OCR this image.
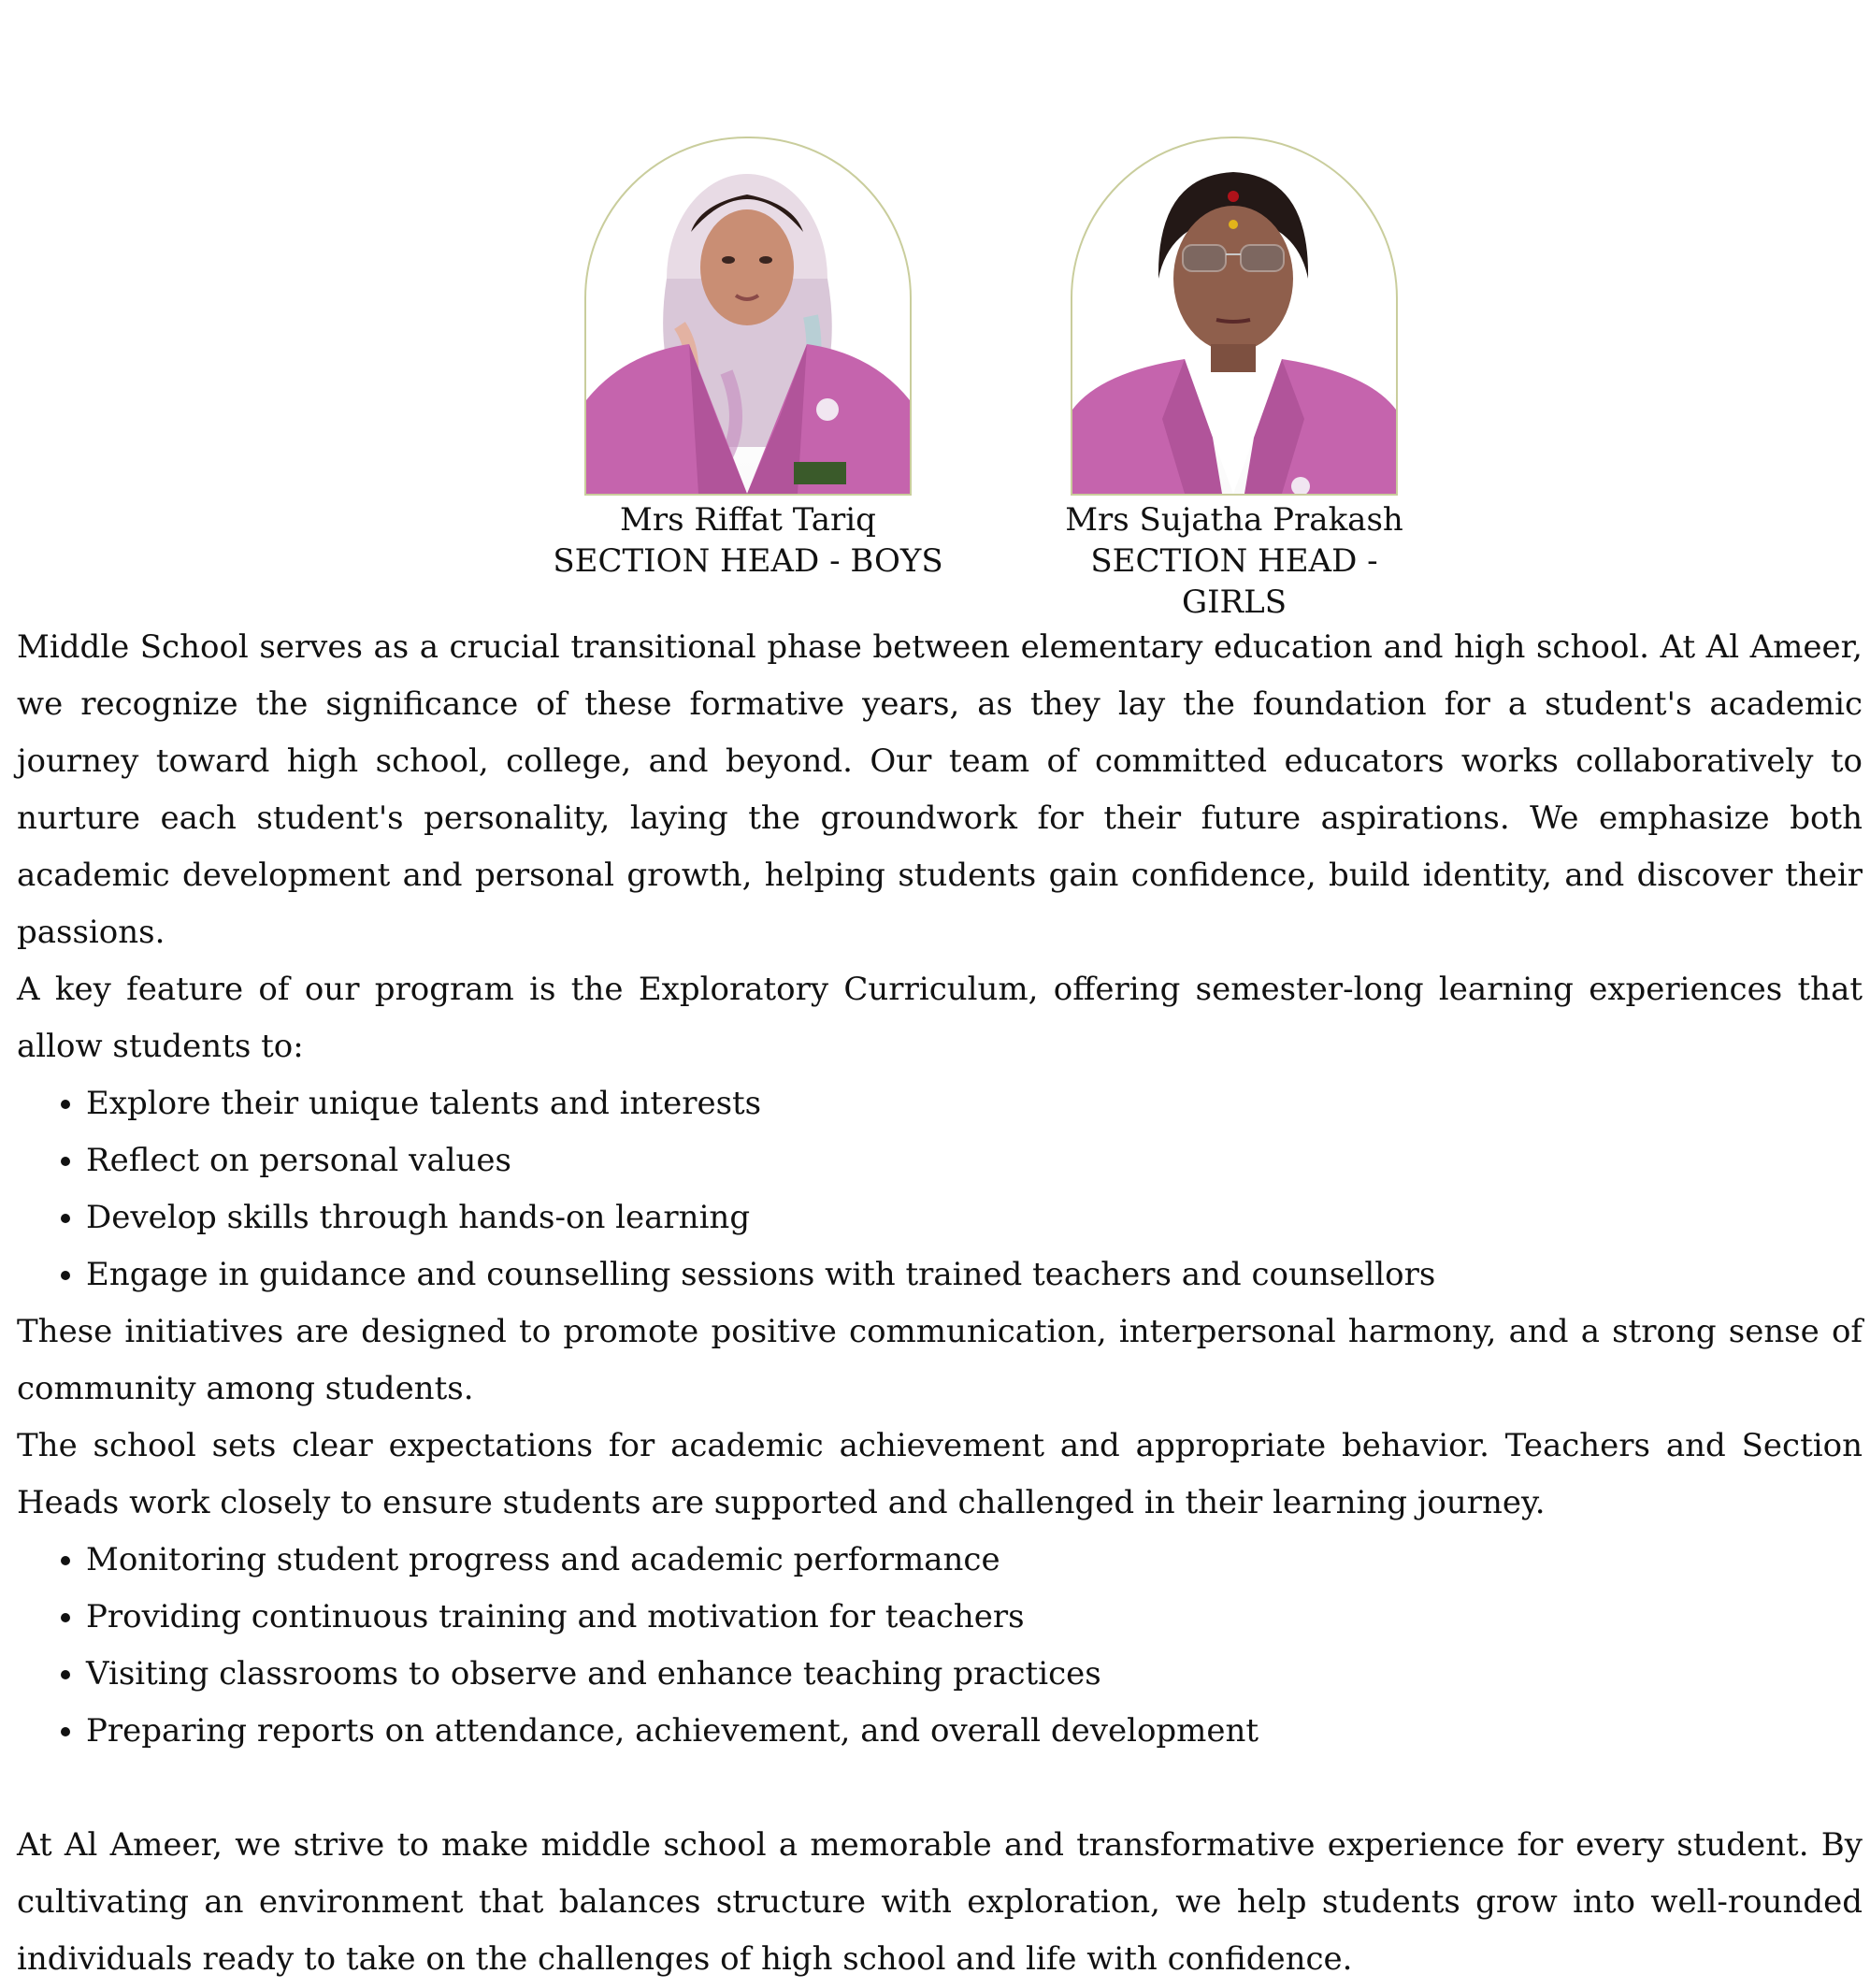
Mrs Riffat Tariq
SECTION HEAD - BOYS
Mrs Sujatha Prakash
SECTION HEAD - GIRLS

Middle School serves as a crucial transitional phase between elementary education and high school. At Al Ameer, we recognize the significance of these formative years, as they lay the foundation for a student's academic journey toward high school, college, and beyond. Our team of committed educators works collaboratively to nurture each student's personality, laying the groundwork for their future aspirations. We emphasize both academic development and personal growth, helping students gain confidence, build identity, and discover their passions.

A key feature of our program is the Exploratory Curriculum, offering semester-long learning experiences that allow students to:

• Explore their unique talents and interests
• Reflect on personal values
• Develop skills through hands-on learning
• Engage in guidance and counselling sessions with trained teachers and counsellors

These initiatives are designed to promote positive communication, interpersonal harmony, and a strong sense of community among students.

The school sets clear expectations for academic achievement and appropriate behavior. Teachers and Section Heads work closely to ensure students are supported and challenged in their learning journey.

• Monitoring student progress and academic performance
• Providing continuous training and motivation for teachers
• Visiting classrooms to observe and enhance teaching practices
• Preparing reports on attendance, achievement, and overall development

At Al Ameer, we strive to make middle school a memorable and transformative experience for every student. By cultivating an environment that balances structure with exploration, we help students grow into well-rounded individuals ready to take on the challenges of high school and life with confidence.
